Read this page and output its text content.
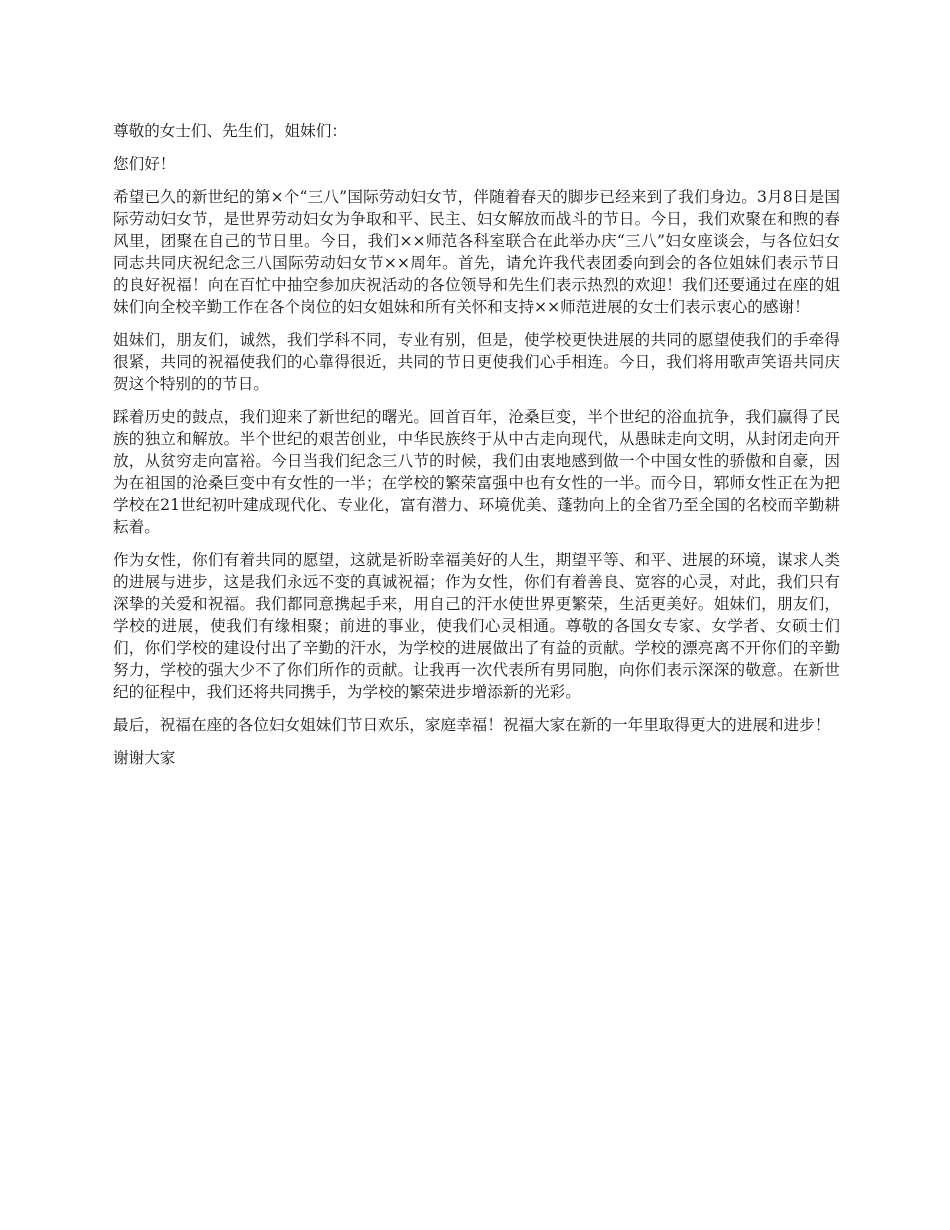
尊敬的女士们、先生们，姐妹们：

您们好！

希望已久的新世纪的第×个“三八”国际劳动妇女节，伴随着春天的脚步已经来到了我们身边。3月8日是国际劳动妇女节，是世界劳动妇女为争取和平、民主、妇女解放而战斗的节日。今日，我们欢聚在和煦的春风里，团聚在自己的节日里。今日，我们××师范各科室联合在此举办庆“三八”妇女座谈会，与各位妇女同志共同庆祝纪念三八国际劳动妇女节××周年。首先，请允许我代表团委向到会的各位姐妹们表示节日的良好祝福！向在百忙中抽空参加庆祝活动的各位领导和先生们表示热烈的欢迎！我们还要通过在座的姐妹们向全校辛勤工作在各个岗位的妇女姐妹和所有关怀和支持××师范进展的女士们表示衷心的感谢！

姐妹们，朋友们，诚然，我们学科不同，专业有别，但是，使学校更快进展的共同的愿望使我们的手牵得很紧，共同的祝福使我们的心靠得很近，共同的节日更使我们心手相连。今日，我们将用歌声笑语共同庆贺这个特别的的节日。

踩着历史的鼓点，我们迎来了新世纪的曙光。回首百年，沧桑巨变，半个世纪的浴血抗争，我们赢得了民族的独立和解放。半个世纪的艰苦创业，中华民族终于从中古走向现代，从愚昧走向文明，从封闭走向开放，从贫穷走向富裕。今日当我们纪念三八节的时候，我们由衷地感到做一个中国女性的骄傲和自豪，因为在祖国的沧桑巨变中有女性的一半；在学校的繁荣富强中也有女性的一半。而今日，郓师女性正在为把学校在21世纪初叶建成现代化、专业化，富有潜力、环境优美、蓬勃向上的全省乃至全国的名校而辛勤耕耘着。

作为女性，你们有着共同的愿望，这就是祈盼幸福美好的人生，期望平等、和平、进展的环境，谋求人类的进展与进步，这是我们永远不变的真诚祝福；作为女性，你们有着善良、宽容的心灵，对此，我们只有深挚的关爱和祝福。我们都同意携起手来，用自己的汗水使世界更繁荣，生活更美好。姐妹们，朋友们，学校的进展，使我们有缘相聚；前进的事业，使我们心灵相通。尊敬的各国女专家、女学者、女硕士们们，你们学校的建设付出了辛勤的汗水，为学校的进展做出了有益的贡献。学校的漂亮离不开你们的辛勤努力，学校的强大少不了你们所作的贡献。让我再一次代表所有男同胞，向你们表示深深的敬意。在新世纪的征程中，我们还将共同携手，为学校的繁荣进步增添新的光彩。

最后，祝福在座的各位妇女姐妹们节日欢乐，家庭幸福！祝福大家在新的一年里取得更大的进展和进步！

谢谢大家
